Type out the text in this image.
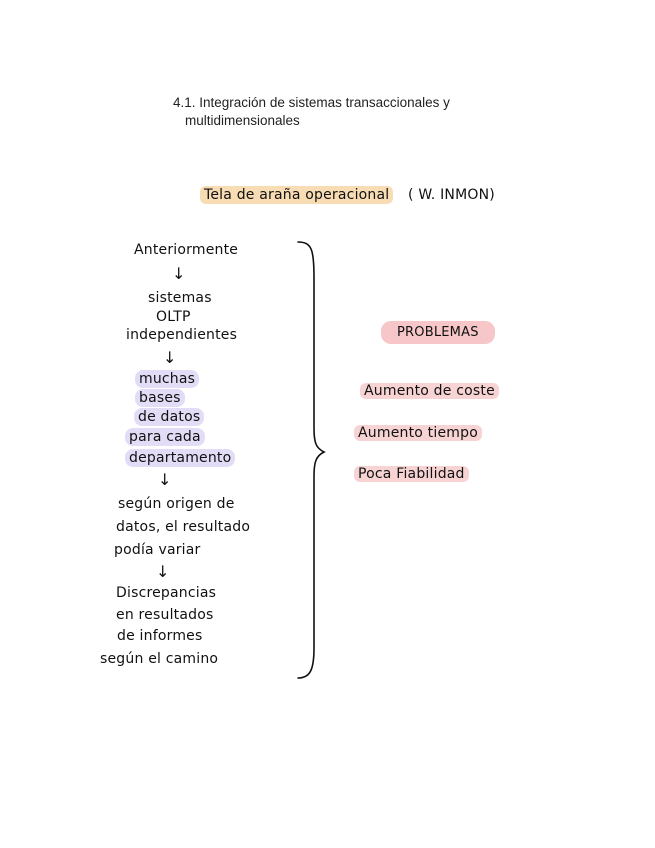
4.1. Integración de sistemas transaccionales y
multidimensionales
Tela de araña operacional ( W. INMON)
Anteriormente
↓
sistemas
OLTP
independientes
↓
muchas
bases
de datos
para cada
departamento
↓
según origen de
datos, el resultado
podía variar
↓
Discrepancias
en resultados
de informes
según el camino
PROBLEMAS
Aumento de coste
Aumento tiempo
Poca Fiabilidad
